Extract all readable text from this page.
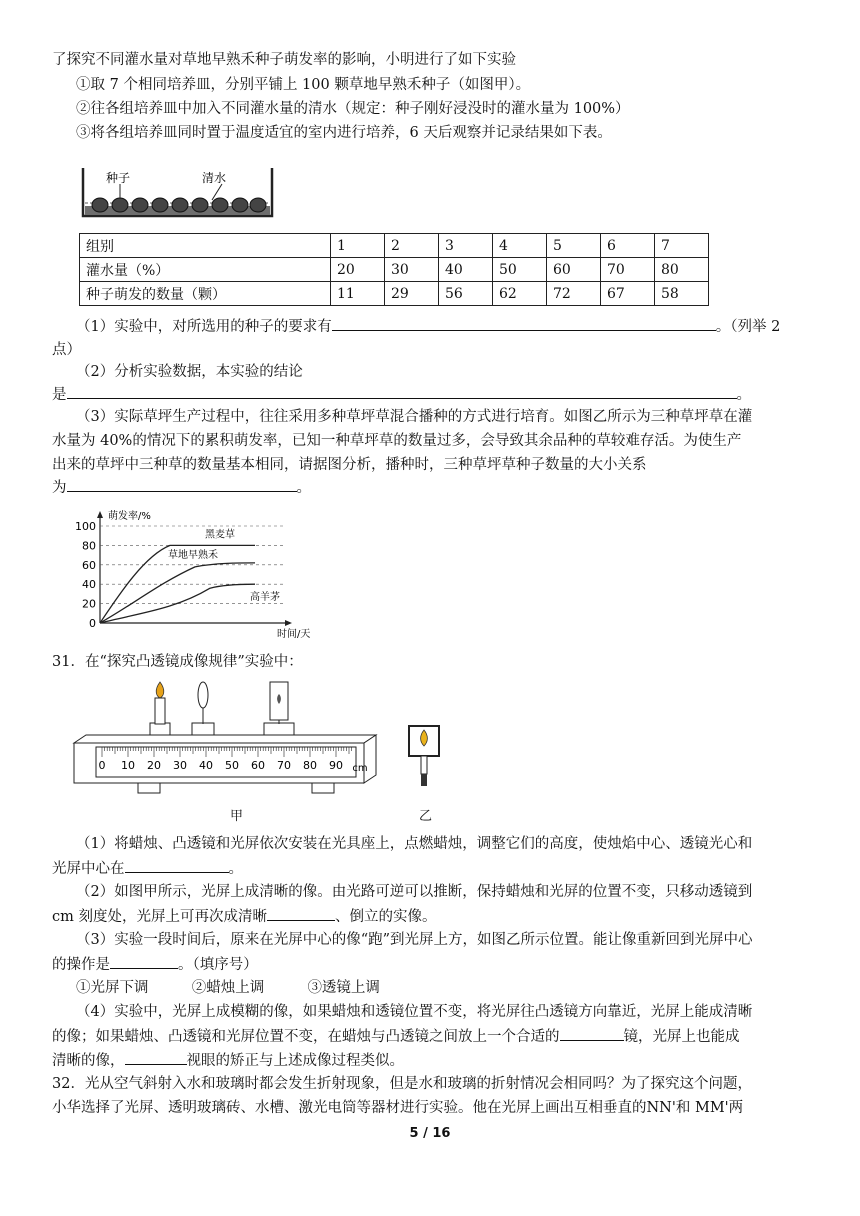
了探究不同灌水量对草地早熟禾种子萌发率的影响，小明进行了如下实验
①取 7 个相同培养皿，分别平铺上 100 颗草地早熟禾种子（如图甲）。
②往各组培养皿中加入不同灌水量的清水（规定：种子刚好浸没时的灌水量为 100%）
③将各组培养皿同时置于温度适宜的室内进行培养，6 天后观察并记录结果如下表。
种子	清水
组别	1	2	3	4	5	6	7
灌水量（%）	20	30	40	50	60	70	80
种子萌发的数量（颗）	11	29	56	62	72	67	58
（1）实验中，对所选用的种子的要求有	。（列举 2
点）
（2）分析实验数据，本实验的结论
是	。
（3）实际草坪生产过程中，往往采用多种草坪草混合播种的方式进行培育。如图乙所示为三种草坪草在灌
水量为 40%的情况下的累积萌发率，已知一种草坪草的数量过多，会导致其余品种的草较难存活。为使生产
出来的草坪中三种草的数量基本相同，请据图分析，播种时，三种草坪草种子数量的大小关系
为	。
0
20
40
60
80
100
萌发率/%
时间/天
黑麦草
草地早熟禾
高羊茅
31．在“探究凸透镜成像规律”实验中：
0 10 20 30 40 50 60 70 80 90 cm
甲	乙
（1）将蜡烛、凸透镜和光屏依次安装在光具座上，点燃蜡烛，调整它们的高度，使烛焰中心、透镜光心和
光屏中心在	。
（2）如图甲所示，光屏上成清晰的像。由光路可逆可以推断，保持蜡烛和光屏的位置不变，只移动透镜到
cm 刻度处，光屏上可再次成清晰	、倒立的实像。
（3）实验一段时间后，原来在光屏中心的像“跑”到光屏上方，如图乙所示位置。能让像重新回到光屏中心
的操作是	。（填序号）
①光屏下调	②蜡烛上调	③透镜上调
（4）实验中，光屏上成模糊的像，如果蜡烛和透镜位置不变，将光屏往凸透镜方向靠近，光屏上能成清晰
的像；如果蜡烛、凸透镜和光屏位置不变，在蜡烛与凸透镜之间放上一个合适的	镜，光屏上也能成
清晰的像，	视眼的矫正与上述成像过程类似。
32．光从空气斜射入水和玻璃时都会发生折射现象，但是水和玻璃的折射情况会相同吗？为了探究这个问题，
小华选择了光屏、透明玻璃砖、水槽、激光电筒等器材进行实验。他在光屏上画出互相垂直的NN'和 MM'两
5 / 16
